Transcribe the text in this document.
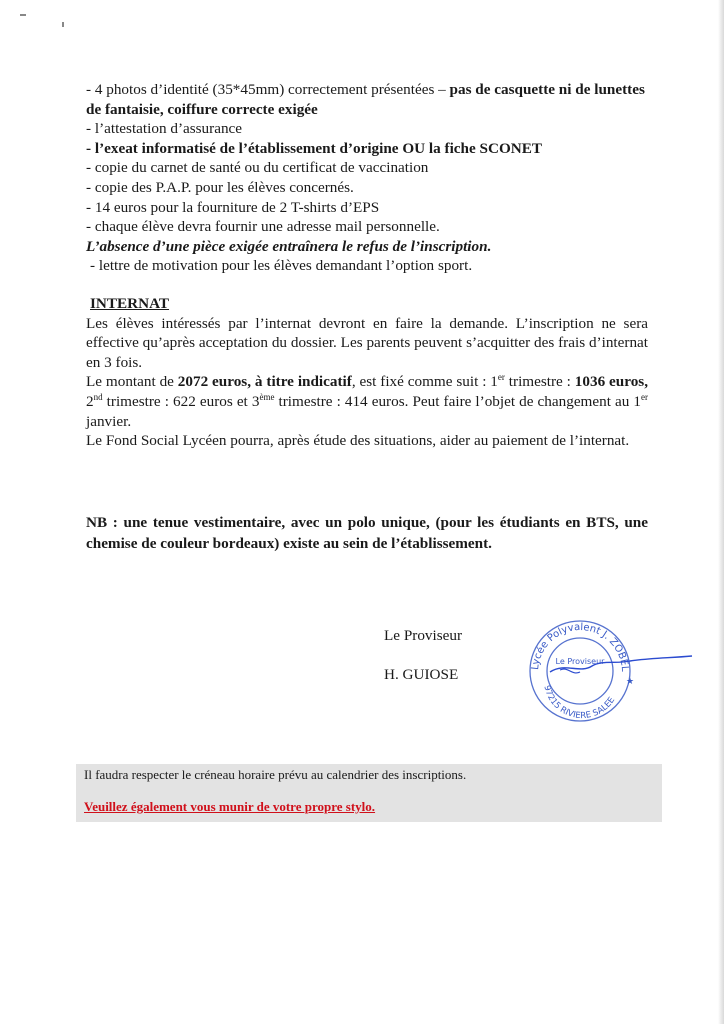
- 4 photos d’identité (35*45mm) correctement présentées – pas de casquette ni de lunettes de fantaisie, coiffure correcte exigée

- l’attestation d’assurance

- l’exeat informatisé de l’établissement d’origine OU la fiche SCONET

- copie du carnet de santé ou du certificat de vaccination

- copie des P.A.P. pour les élèves concernés.

- 14 euros pour la fourniture de 2 T-shirts d’EPS

- chaque élève devra fournir une adresse mail personnelle.

L’absence d’une pièce exigée entraînera le refus de l’inscription.

- lettre de motivation pour les élèves demandant l’option sport.

INTERNAT

Les élèves intéressés par l’internat devront en faire la demande. L’inscription ne sera effective qu’après acceptation du dossier. Les parents peuvent s’acquitter des frais d’internat en 3 fois.

Le montant de 2072 euros, à titre indicatif, est fixé comme suit : 1er trimestre : 1036 euros, 2nd trimestre : 622 euros et 3ème trimestre : 414 euros. Peut faire l’objet de changement au 1er janvier.

Le Fond Social Lycéen pourra, après étude des situations, aider au paiement de l’internat.

NB : une tenue vestimentaire, avec un polo unique, (pour les étudiants en BTS, une chemise de couleur bordeaux) existe au sein de l’établissement.

Le Proviseur

H. GUIOSE	Lycée Polyvalent J. ZOBEL
Le Proviseur
97215 RIVIERE SALEE
★

Il faudra respecter le créneau horaire prévu au calendrier des inscriptions.

Veuillez également vous munir de votre propre stylo.
